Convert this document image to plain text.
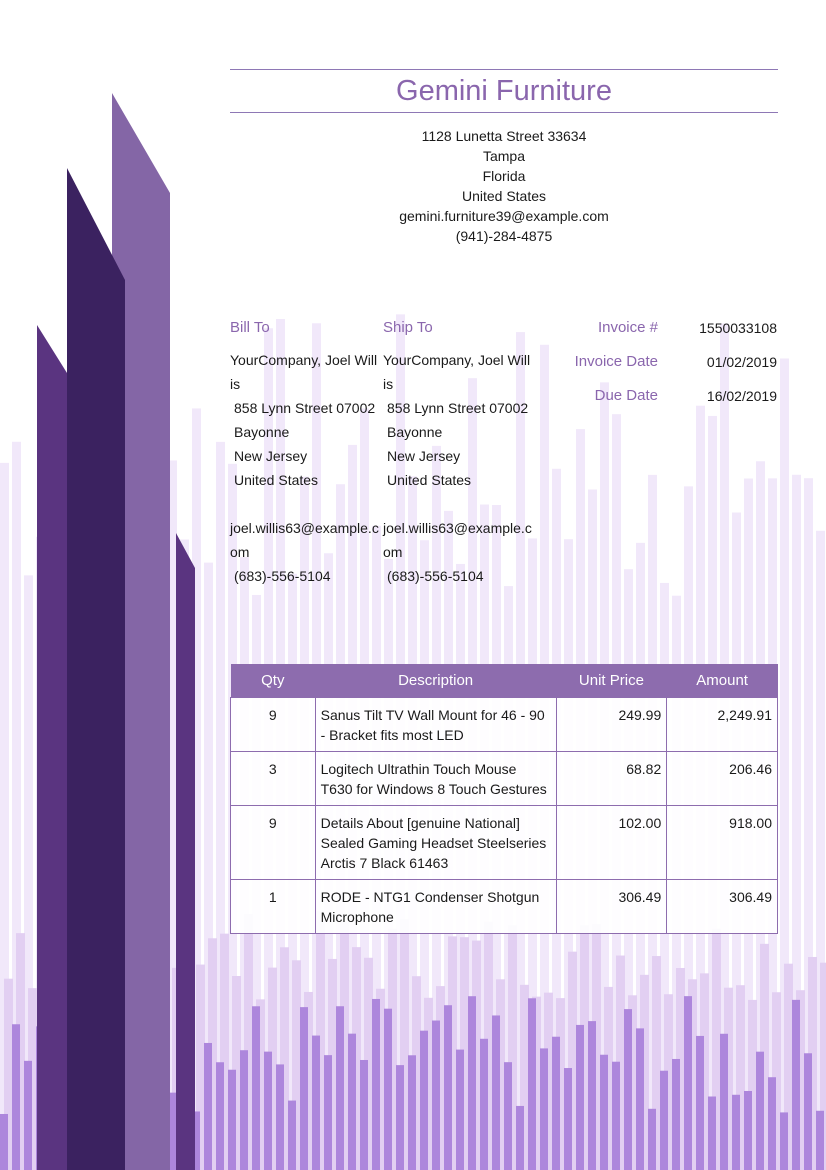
Gemini Furniture
1128 Lunetta Street 33634
Tampa
Florida
United States
gemini.furniture39@example.com
(941)-284-4875
Bill To
YourCompany, Joel Willis
858 Lynn Street 07002
Bayonne
New Jersey
United States
joel.willis63@example.com
(683)-556-5104
Ship To
YourCompany, Joel Willis
858 Lynn Street 07002
Bayonne
New Jersey
United States
joel.willis63@example.com
(683)-556-5104
Invoice #	1550033108
Invoice Date	01/02/2019
Due Date	16/02/2019
Qty	Description	Unit Price	Amount
9	Sanus Tilt TV Wall Mount for 46 - 90 - Bracket fits most LED	249.99	2,249.91
3	Logitech Ultrathin Touch Mouse T630 for Windows 8 Touch Gestures	68.82	206.46
9	Details About [genuine National] Sealed Gaming Headset Steelseries Arctis 7 Black 61463	102.00	918.00
1	RODE - NTG1 Condenser Shotgun Microphone	306.49	306.49
